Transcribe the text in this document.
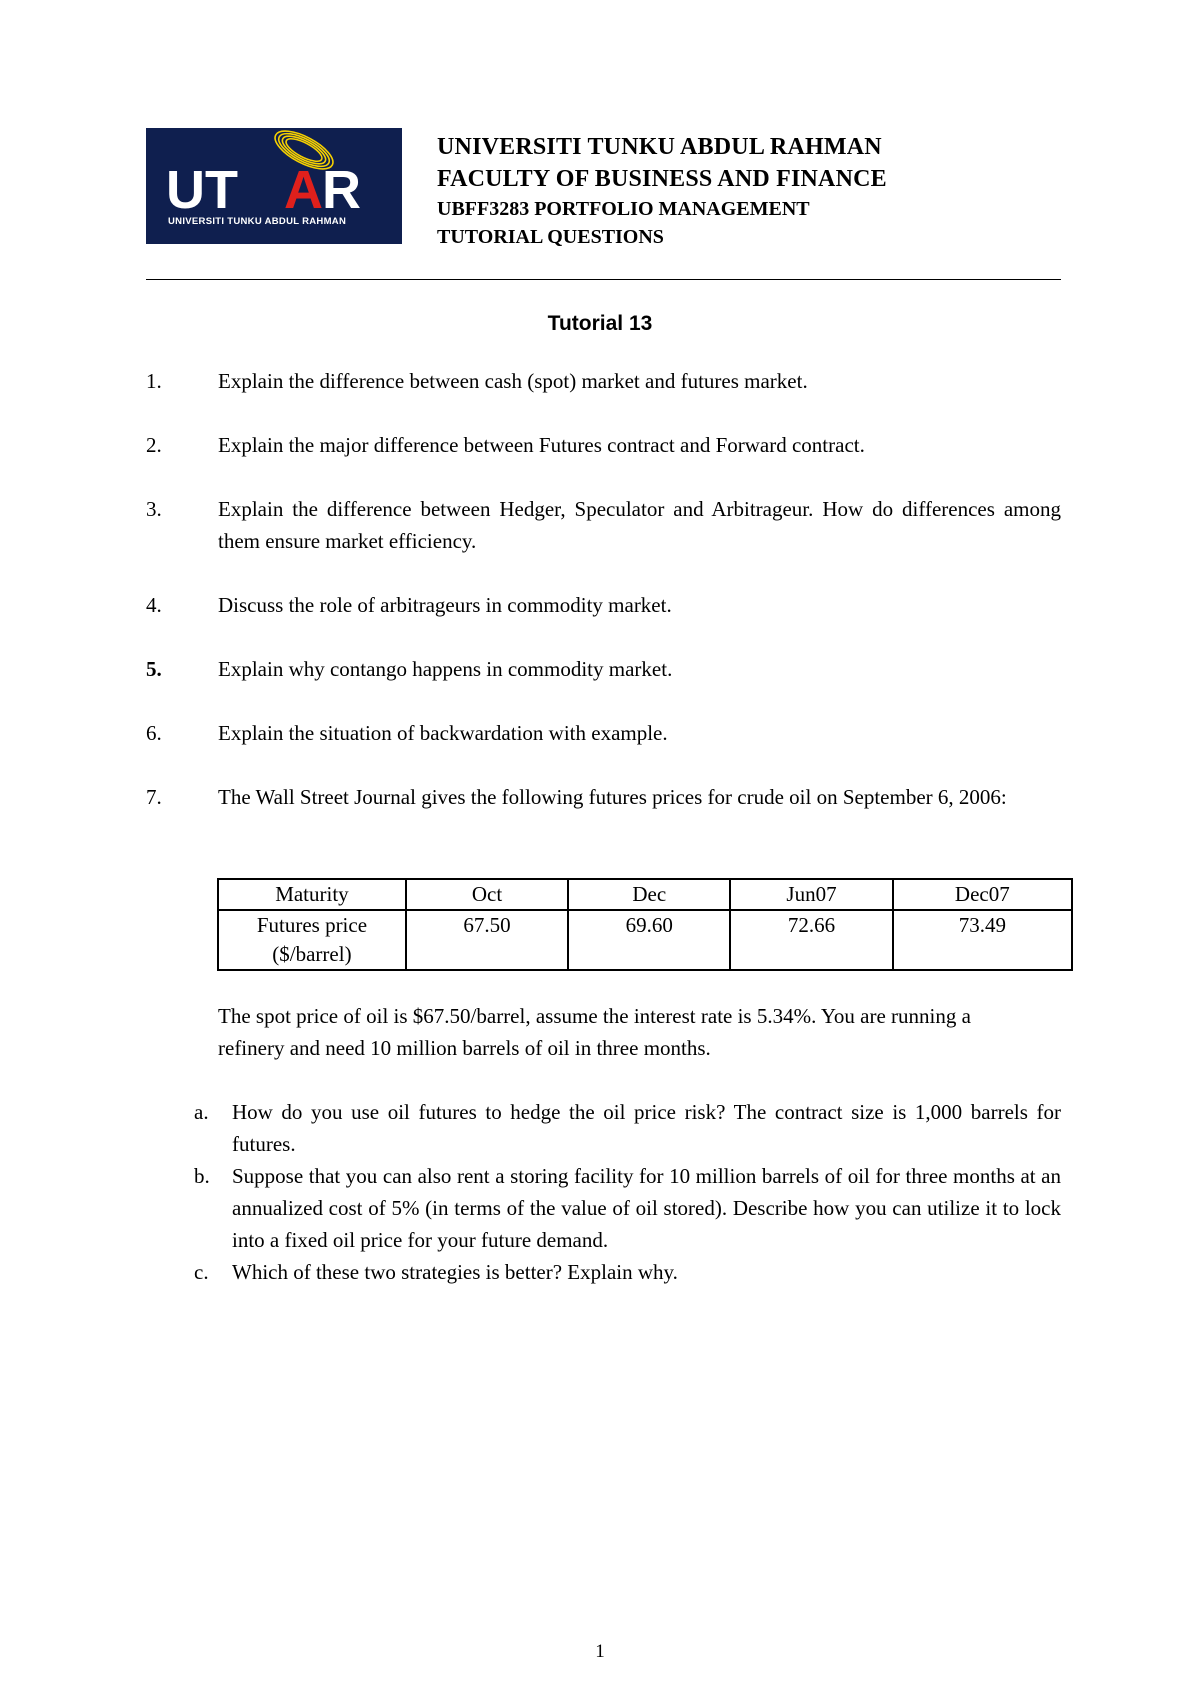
UT A R
UNIVERSITI TUNKU ABDUL RAHMAN
UNIVERSITI TUNKU ABDUL RAHMAN
FACULTY OF BUSINESS AND FINANCE
UBFF3283 PORTFOLIO MANAGEMENT
TUTORIAL QUESTIONS
Tutorial 13
1.	Explain the difference between cash (spot) market and futures market.
2.	Explain the major difference between Futures contract and Forward contract.
3.	Explain the difference between Hedger, Speculator and Arbitrageur. How do differences among them ensure market efficiency.
4.	Discuss the role of arbitrageurs in commodity market.
5.	Explain why contango happens in commodity market.
6.	Explain the situation of backwardation with example.
7.	The Wall Street Journal gives the following futures prices for crude oil on September 6, 2006:
Maturity	Oct	Dec	Jun07	Dec07
Futures price ($/barrel)	67.50	69.60	72.66	73.49
The spot price of oil is $67.50/barrel, assume the interest rate is 5.34%. You are running a refinery and need 10 million barrels of oil in three months.
a.	How do you use oil futures to hedge the oil price risk? The contract size is 1,000 barrels for futures.
b.	Suppose that you can also rent a storing facility for 10 million barrels of oil for three months at an annualized cost of 5% (in terms of the value of oil stored). Describe how you can utilize it to lock into a fixed oil price for your future demand.
c.	Which of these two strategies is better? Explain why.
1
